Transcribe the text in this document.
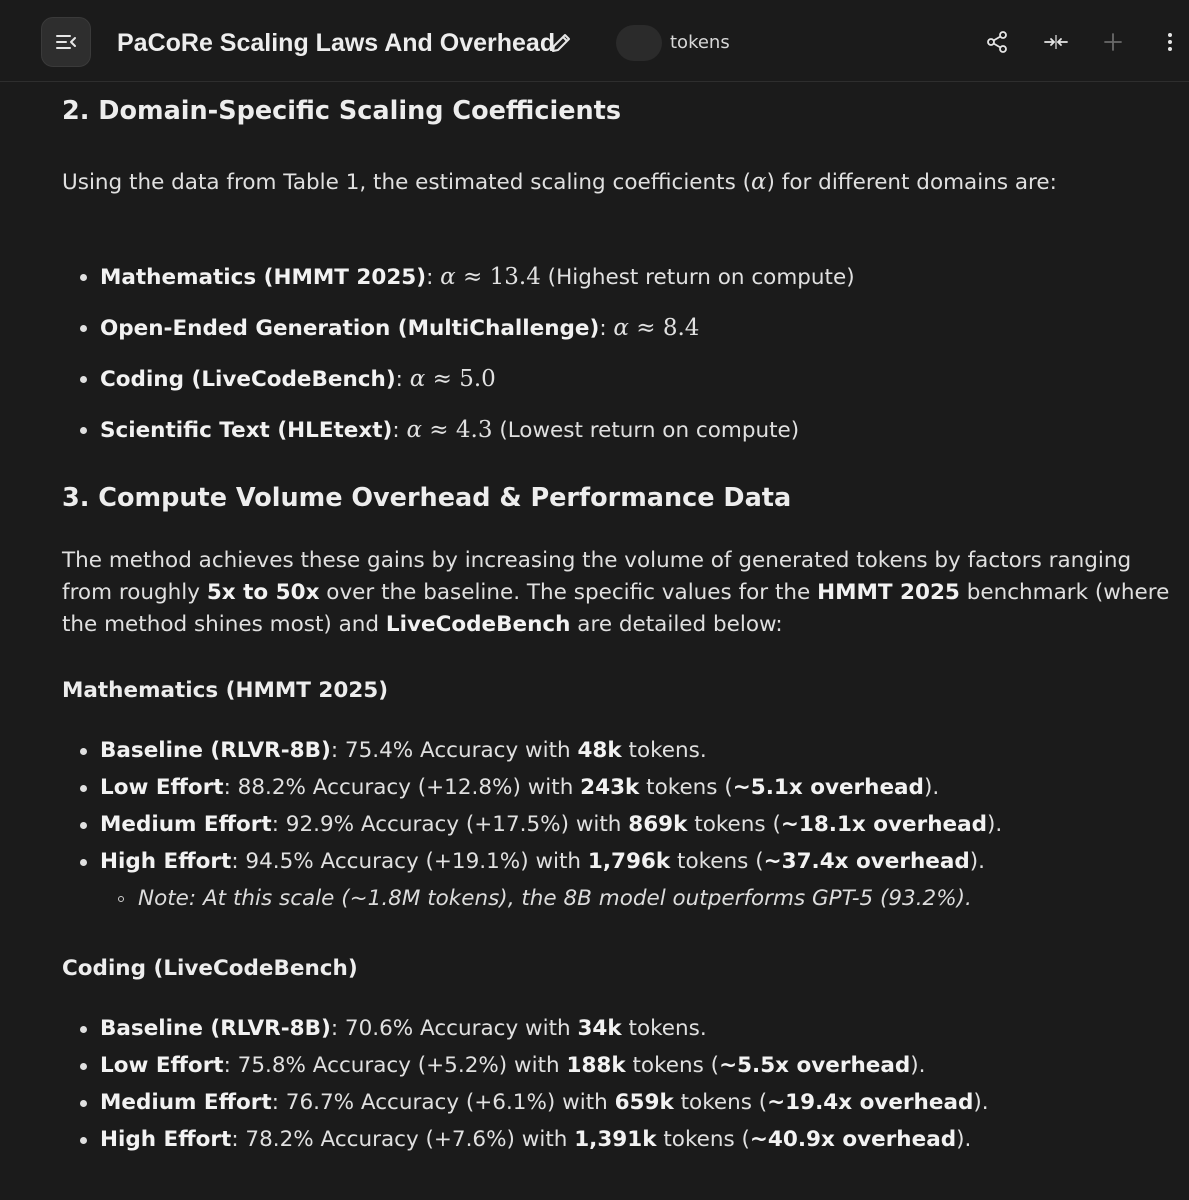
PaCoRe Scaling Laws And Overhead	tokens
2. Domain-Specific Scaling Coefficients

Using the data from Table 1, the estimated scaling coefficients (α) for different domains are:

Mathematics (HMMT 2025): α ≈ 13.4 (Highest return on compute)
Open-Ended Generation (MultiChallenge): α ≈ 8.4
Coding (LiveCodeBench): α ≈ 5.0
Scientific Text (HLEtext): α ≈ 4.3 (Lowest return on compute)
3. Compute Volume Overhead & Performance Data

The method achieves these gains by increasing the volume of generated tokens by factors ranging from roughly 5x to 50x over the baseline. The specific values for the HMMT 2025 benchmark (where the method shines most) and LiveCodeBench are detailed below:

Mathematics (HMMT 2025)
Baseline (RLVR-8B): 75.4% Accuracy with 48k tokens.
Low Effort: 88.2% Accuracy (+12.8%) with 243k tokens (~5.1x overhead).
Medium Effort: 92.9% Accuracy (+17.5%) with 869k tokens (~18.1x overhead).
High Effort: 94.5% Accuracy (+19.1%) with 1,796k tokens (~37.4x overhead).
Note: At this scale (~1.8M tokens), the 8B model outperforms GPT-5 (93.2%).
Coding (LiveCodeBench)
Baseline (RLVR-8B): 70.6% Accuracy with 34k tokens.
Low Effort: 75.8% Accuracy (+5.2%) with 188k tokens (~5.5x overhead).
Medium Effort: 76.7% Accuracy (+6.1%) with 659k tokens (~19.4x overhead).
High Effort: 78.2% Accuracy (+7.6%) with 1,391k tokens (~40.9x overhead).
